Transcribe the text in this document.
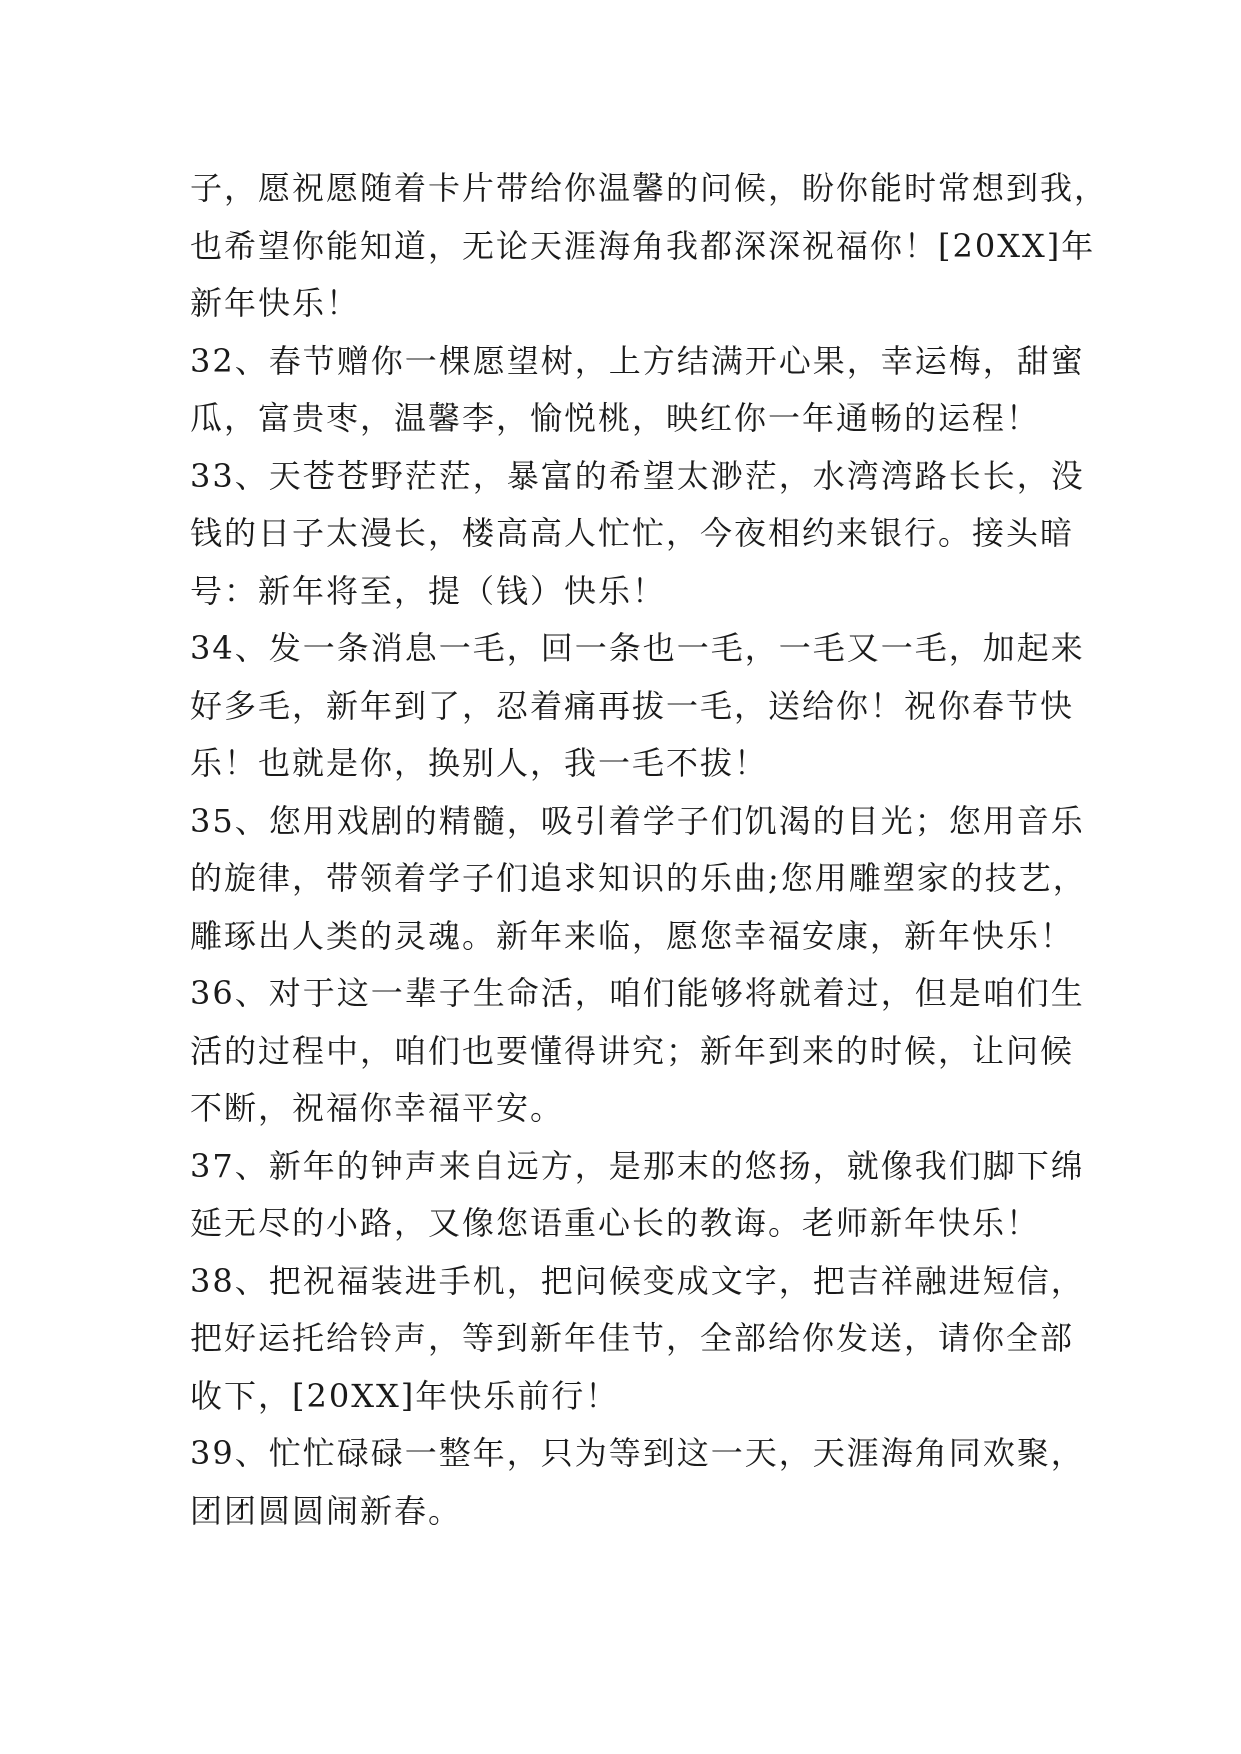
子，愿祝愿随着卡片带给你温馨的问候，盼你能时常想到我，
也希望你能知道，无论天涯海角我都深深祝福你！[20XX]年
新年快乐！
32、春节赠你一棵愿望树，上方结满开心果，幸运梅，甜蜜
瓜，富贵枣，温馨李，愉悦桃，映红你一年通畅的运程！
33、天苍苍野茫茫，暴富的希望太渺茫，水湾湾路长长，没
钱的日子太漫长，楼高高人忙忙，今夜相约来银行。接头暗
号：新年将至，提（钱）快乐！
34、发一条消息一毛，回一条也一毛，一毛又一毛，加起来
好多毛，新年到了，忍着痛再拔一毛，送给你！祝你春节快
乐！也就是你，换别人，我一毛不拔！
35、您用戏剧的精髓，吸引着学子们饥渴的目光；您用音乐
的旋律，带领着学子们追求知识的乐曲;您用雕塑家的技艺，
雕琢出人类的灵魂。新年来临，愿您幸福安康，新年快乐！
36、对于这一辈子生命活，咱们能够将就着过，但是咱们生
活的过程中，咱们也要懂得讲究；新年到来的时候，让问候
不断，祝福你幸福平安。
37、新年的钟声来自远方，是那末的悠扬，就像我们脚下绵
延无尽的小路，又像您语重心长的教诲。老师新年快乐！
38、把祝福装进手机，把问候变成文字，把吉祥融进短信，
把好运托给铃声，等到新年佳节，全部给你发送，请你全部
收下，[20XX]年快乐前行！
39、忙忙碌碌一整年，只为等到这一天，天涯海角同欢聚，
团团圆圆闹新春。
